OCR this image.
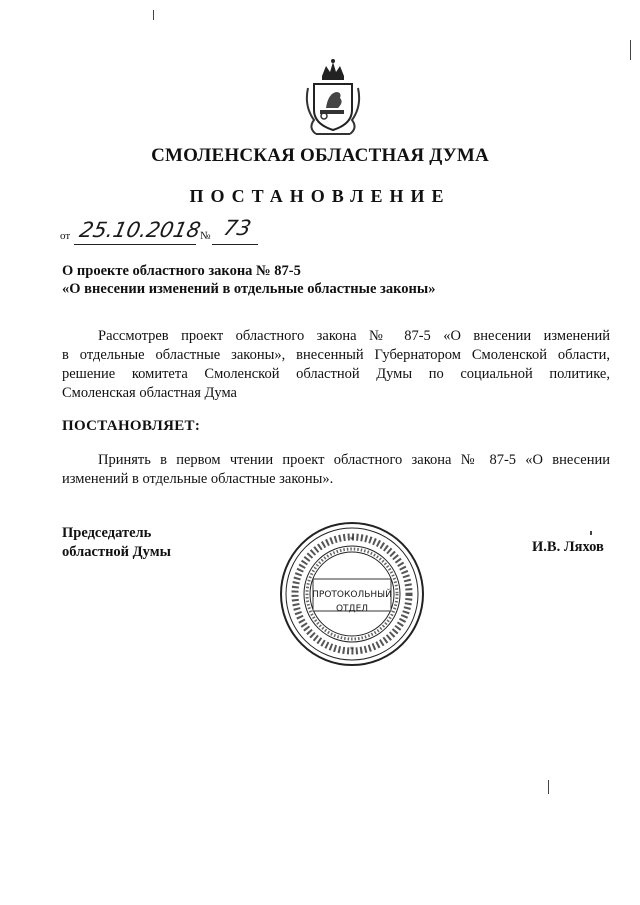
СМОЛЕНСКАЯ ОБЛАСТНАЯ ДУМА
ПОСТАНОВЛЕНИЕ
от 25.10.2018
№ 73
О проекте областного закона № 87-5
«О внесении изменений в отдельные областные законы»
Рассмотрев проект областного закона № 87-5 «О внесении изменений
в отдельные областные законы», внесенный Губернатором Смоленской области,
решение комитета Смоленской областной Думы по социальной политике,
Смоленская областная Дума
ПОСТАНОВЛЯЕТ:
Принять в первом чтении проект областного закона № 87-5 «О внесении
изменений в отдельные областные законы».
Председатель
областной Думы	И.В. Ляхов
*
*
ПРОТОКОЛЬНЫЙ
ОТДЕЛ
